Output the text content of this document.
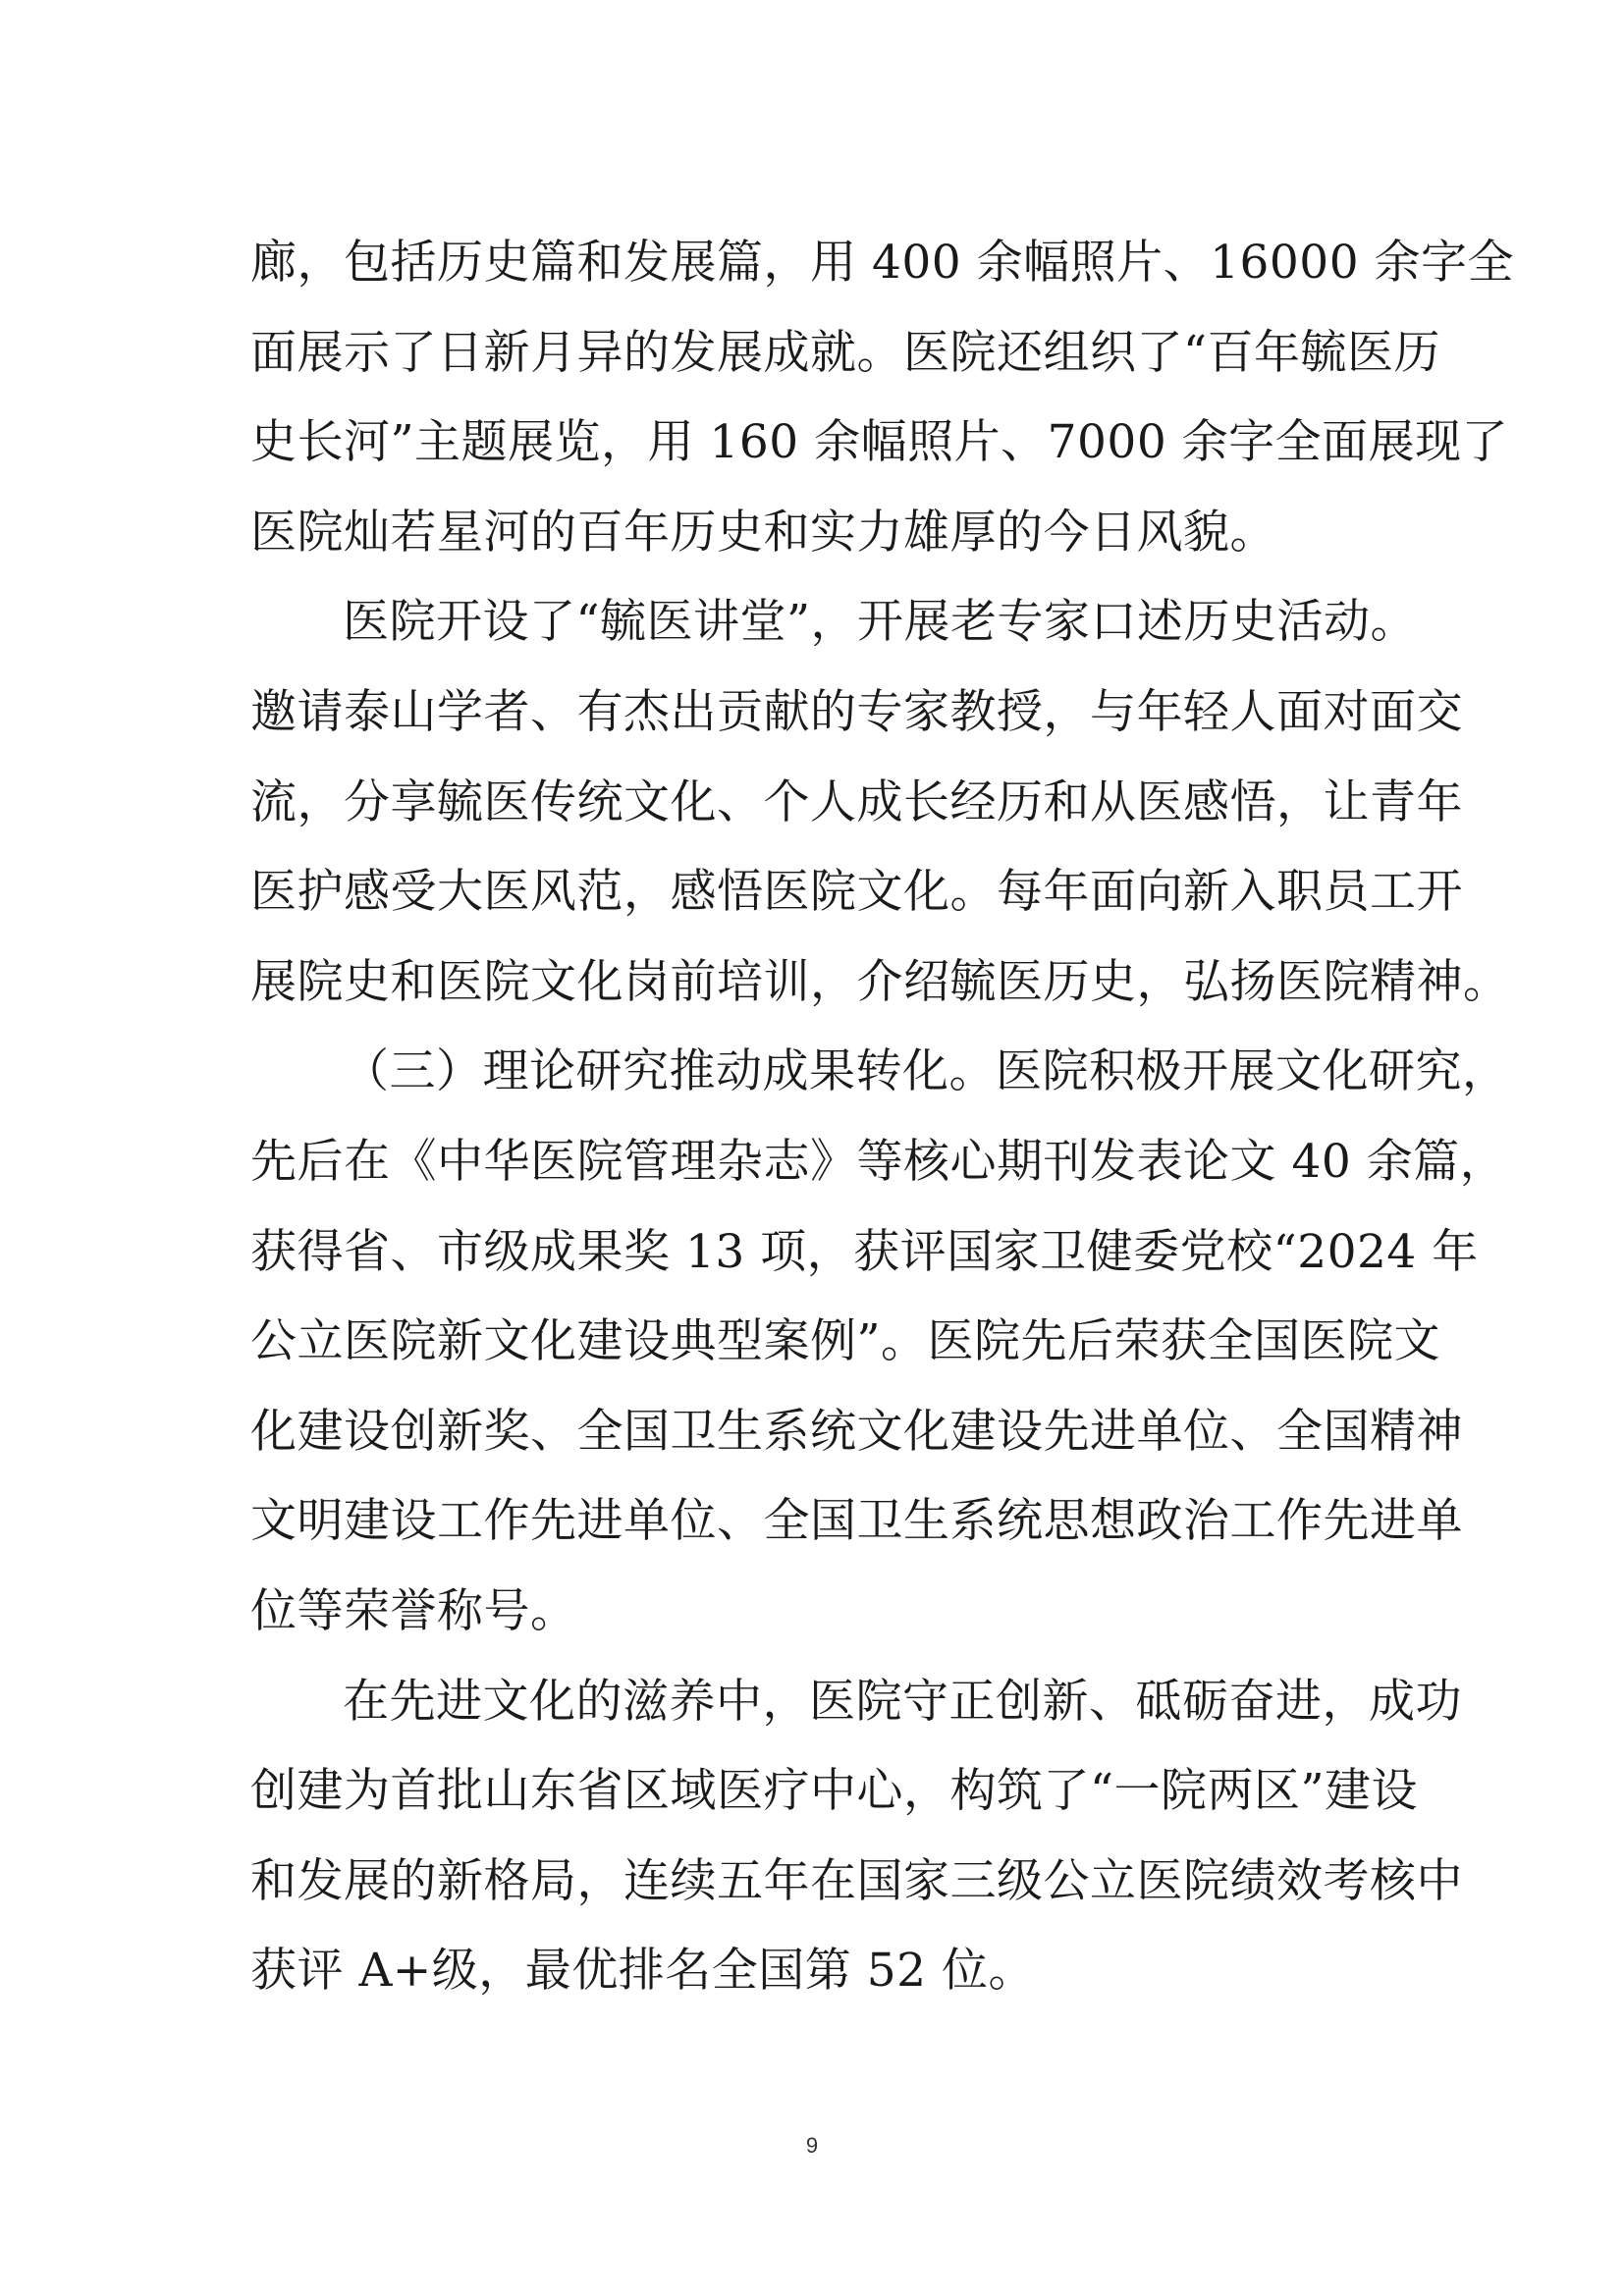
廊，包括历史篇和发展篇，用 400 余幅照片、16000 余字全
面展示了日新月异的发展成就。医院还组织了“百年毓医历
史长河”主题展览，用 160 余幅照片、7000 余字全面展现了
医院灿若星河的百年历史和实力雄厚的今日风貌。
医院开设了“毓医讲堂”，开展老专家口述历史活动。
邀请泰山学者、有杰出贡献的专家教授，与年轻人面对面交
流，分享毓医传统文化、个人成长经历和从医感悟，让青年
医护感受大医风范，感悟医院文化。每年面向新入职员工开
展院史和医院文化岗前培训，介绍毓医历史，弘扬医院精神。
（三）理论研究推动成果转化。医院积极开展文化研究，
先后在《中华医院管理杂志》等核心期刊发表论文 40 余篇，
获得省、市级成果奖 13 项，获评国家卫健委党校“2024 年
公立医院新文化建设典型案例”。医院先后荣获全国医院文
化建设创新奖、全国卫生系统文化建设先进单位、全国精神
文明建设工作先进单位、全国卫生系统思想政治工作先进单
位等荣誉称号。
在先进文化的滋养中，医院守正创新、砥砺奋进，成功
创建为首批山东省区域医疗中心，构筑了“一院两区”建设
和发展的新格局，连续五年在国家三级公立医院绩效考核中
获评 A+级，最优排名全国第 52 位。
9
